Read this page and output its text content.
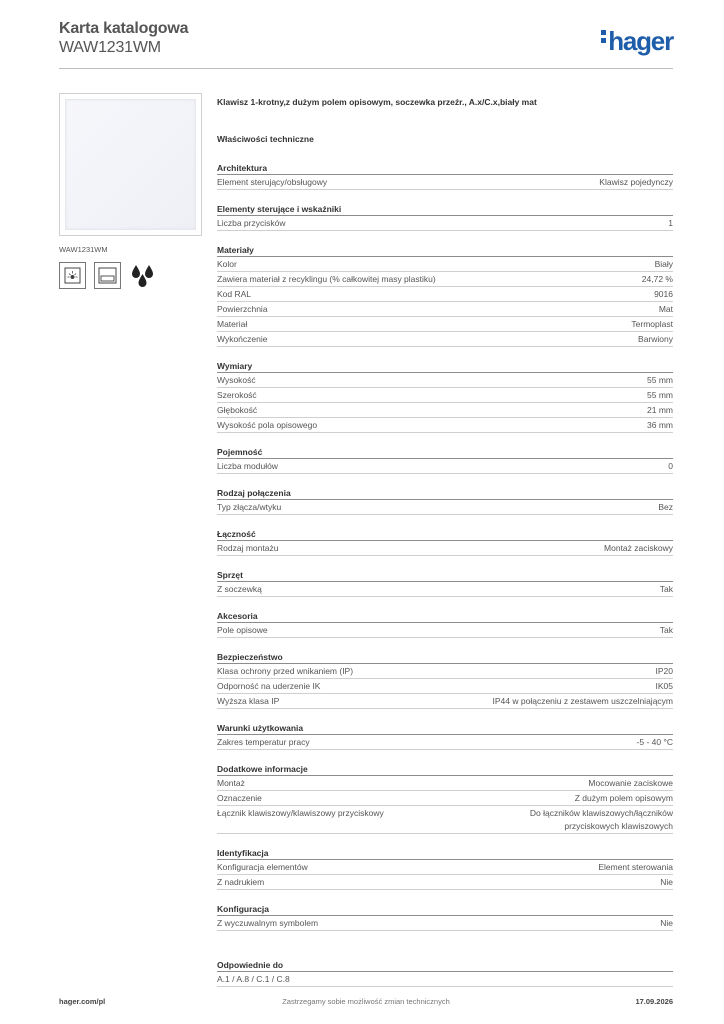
Karta katalogowa
WAW1231WM	hager
WAW1231WM
Klawisz 1-krotny,z dużym polem opisowym, soczewka przeźr., A.x/C.x,biały mat
Właściwości techniczne
Architektura
Element sterujący/obsługowy	Klawisz pojedynczy
Elementy sterujące i wskaźniki
Liczba przycisków	1
Materiały
Kolor	Biały
Zawiera materiał z recyklingu (% całkowitej masy plastiku)	24,72 %
Kod RAL	9016
Powierzchnia	Mat
Materiał	Termoplast
Wykończenie	Barwiony
Wymiary
Wysokość	55 mm
Szerokość	55 mm
Głębokość	21 mm
Wysokość pola opisowego	36 mm
Pojemność
Liczba modułów	0
Rodzaj połączenia
Typ złącza/wtyku	Bez
Łączność
Rodzaj montażu	Montaż zaciskowy
Sprzęt
Z soczewką	Tak
Akcesoria
Pole opisowe	Tak
Bezpieczeństwo
Klasa ochrony przed wnikaniem (IP)	IP20
Odporność na uderzenie IK	IK05
Wyższa klasa IP	IP44 w połączeniu z zestawem uszczelniającym
Warunki użytkowania
Zakres temperatur pracy	-5 - 40 °C
Dodatkowe informacje
Montaż	Mocowanie zaciskowe
Oznaczenie	Z dużym polem opisowym
Łącznik klawiszowy/klawiszowy przyciskowy	Do łączników klawiszowych/łączników przyciskowych klawiszowych
Identyfikacja
Konfiguracja elementów	Element sterowania
Z nadrukiem	Nie
Konfiguracja
Z wyczuwalnym symbolem	Nie
Odpowiednie do
A.1 / A.8 / C.1 / C.8
hager.com/pl	Zastrzegamy sobie możliwość zmian technicznych	17.09.2026
